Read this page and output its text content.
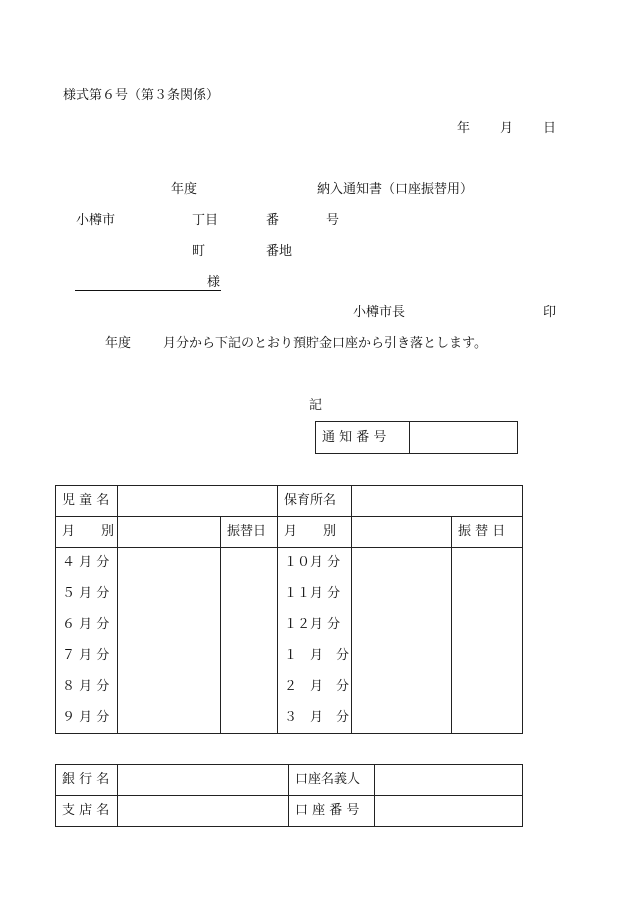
様式第６号（第３条関係）
年 月 日
年度	納入通知書（口座振替用）
小樽市	丁目	番	号
町	番地
様
小樽市長	印
年度 月分から下記のとおり預貯金口座から引き落とします。
記
通 知 番 号	
児 童 名			保育所名		
月　　別		振替日	月　　別		振 替 日
４ 月 分			１０月 分		
５ 月 分			１１月 分		
６ 月 分			１２月 分		
７ 月 分			１　月　分		
８ 月 分			２　月　分		
９ 月 分			３　月　分		
銀 行 名		口座名義人	
支 店 名		口 座 番 号	
